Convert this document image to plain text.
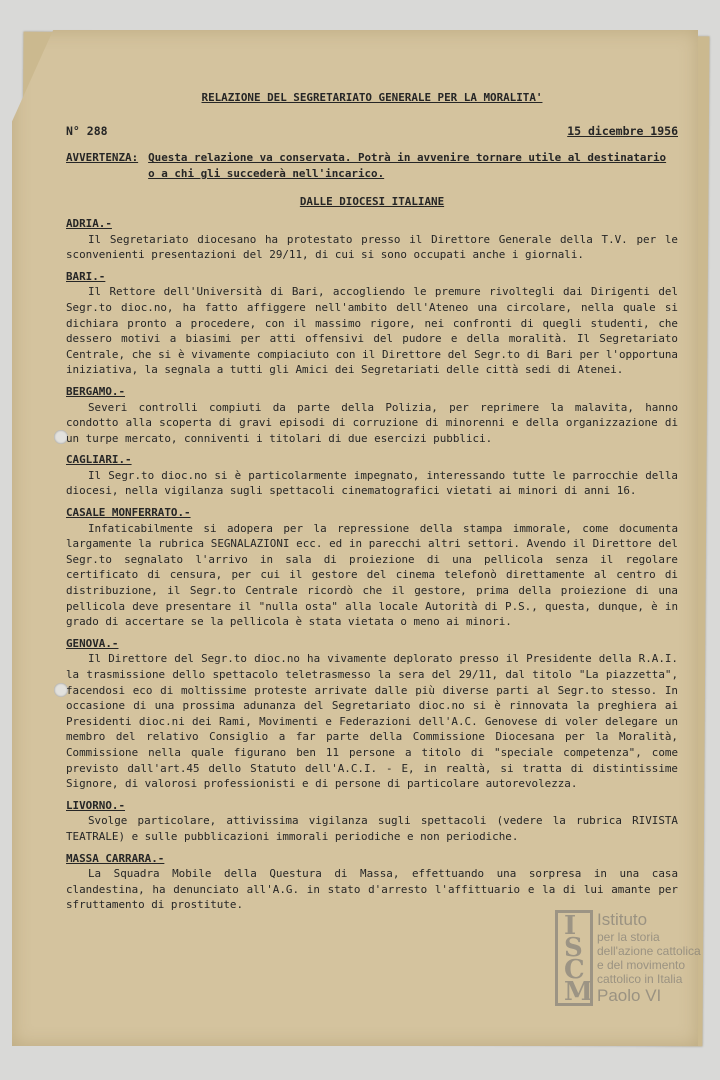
RELAZIONE DEL SEGRETARIATO GENERALE PER LA MORALITA'
N° 288	15 dicembre 1956
AVVERTENZA: Questa relazione va conservata. Potrà in avvenire tornare utile al destinatario o a chi gli succederà nell'incarico.
DALLE DIOCESI ITALIANE
ADRIA.-

Il Segretariato diocesano ha protestato presso il Direttore Generale della T.V. per le sconvenienti presentazioni del 29/11, di cui si sono occupati anche i giornali.

BARI.-

Il Rettore dell'Università di Bari, accogliendo le premure rivoltegli dai Dirigenti del Segr.to dioc.no, ha fatto affiggere nell'ambito dell'Ateneo una circolare, nella quale si dichiara pronto a procedere, con il massimo rigore, nei confronti di quegli studenti, che dessero motivi a biasimi per atti offensivi del pudore e della moralità. Il Segretariato Centrale, che si è vivamente compiaciuto con il Direttore del Segr.to di Bari per l'opportuna iniziativa, la segnala a tutti gli Amici dei Segretariati delle città sedi di Atenei.

BERGAMO.-

Severi controlli compiuti da parte della Polizia, per reprimere la malavita, hanno condotto alla scoperta di gravi episodi di corruzione di minorenni e della organizzazione di un turpe mercato, conniventi i titolari di due esercizi pubblici.

CAGLIARI.-

Il Segr.to dioc.no si è particolarmente impegnato, interessando tutte le parrocchie della diocesi, nella vigilanza sugli spettacoli cinematografici vietati ai minori di anni 16.

CASALE MONFERRATO.-

Infaticabilmente si adopera per la repressione della stampa immorale, come documenta largamente la rubrica SEGNALAZIONI ecc. ed in parecchi altri settori. Avendo il Direttore del Segr.to segnalato l'arrivo in sala di proiezione di una pellicola senza il regolare certificato di censura, per cui il gestore del cinema telefonò direttamente al centro di distribuzione, il Segr.to Centrale ricordò che il gestore, prima della proiezione di una pellicola deve presentare il "nulla osta" alla locale Autorità di P.S., questa, dunque, è in grado di accertare se la pellicola è stata vietata o meno ai minori.

GENOVA.-

Il Direttore del Segr.to dioc.no ha vivamente deplorato presso il Presidente della R.A.I. la trasmissione dello spettacolo teletrasmesso la sera del 29/11, dal titolo "La piazzetta", facendosi eco di moltissime proteste arrivate dalle più diverse parti al Segr.to stesso. In occasione di una prossima adunanza del Segretariato dioc.no si è rinnovata la preghiera ai Presidenti dioc.ni dei Rami, Movimenti e Federazioni dell'A.C. Genovese di voler delegare un membro del relativo Consiglio a far parte della Commissione Diocesana per la Moralità, Commissione nella quale figurano ben 11 persone a titolo di "speciale competenza", come previsto dall'art.45 dello Statuto dell'A.C.I. - E, in realtà, si tratta di distintissime Signore, di valorosi professionisti e di persone di particolare autorevolezza.

LIVORNO.-

Svolge particolare, attivissima vigilanza sugli spettacoli (vedere la rubrica RIVISTA TEATRALE) e sulle pubblicazioni immorali periodiche e non periodiche.

MASSA CARRARA.-

La Squadra Mobile della Questura di Massa, effettuando una sorpresa in una casa clandestina, ha denunciato all'A.G. in stato d'arresto l'affittuario e la di lui amante per sfruttamento di prostitute.

I
S
C
M
Istituto
per la storia
dell'azione cattolica
e del movimento
cattolico in Italia
Paolo VI
